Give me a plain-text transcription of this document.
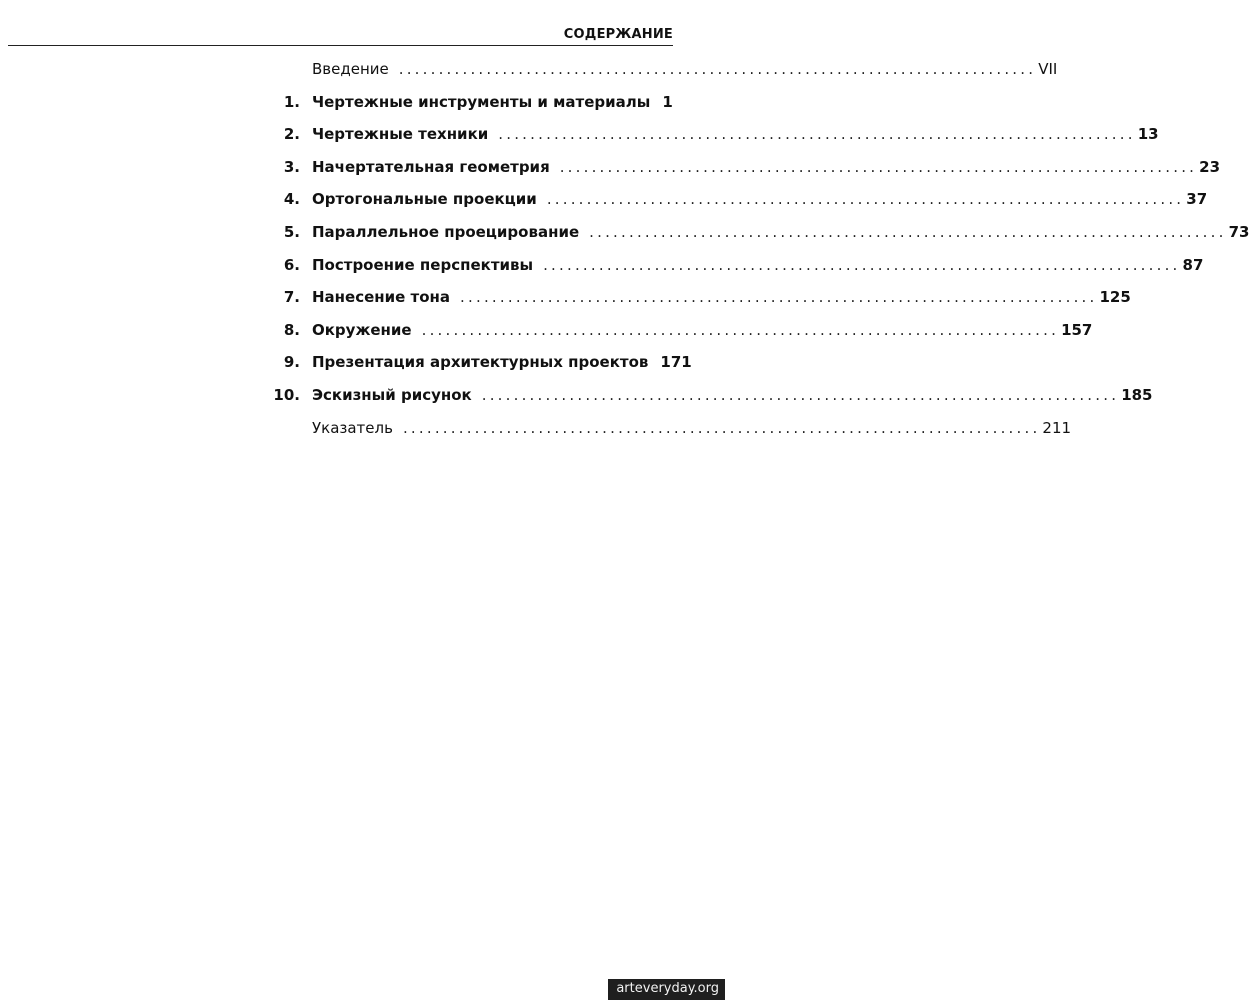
СОДЕРЖАНИЕ
Введение ................................................................................ VII
1. Чертежные инструменты и материалы 1
2. Чертежные техники ................................................................................ 13
3. Начертательная геометрия ................................................................................ 23
4. Ортогональные проекции ................................................................................ 37
5. Параллельное проецирование ................................................................................ 73
6. Построение перспективы ................................................................................ 87
7. Нанесение тона ................................................................................ 125
8. Окружение ................................................................................ 157
9. Презентация архитектурных проектов 171
10. Эскизный рисунок ................................................................................ 185
Указатель ................................................................................ 211
arteveryday.org
